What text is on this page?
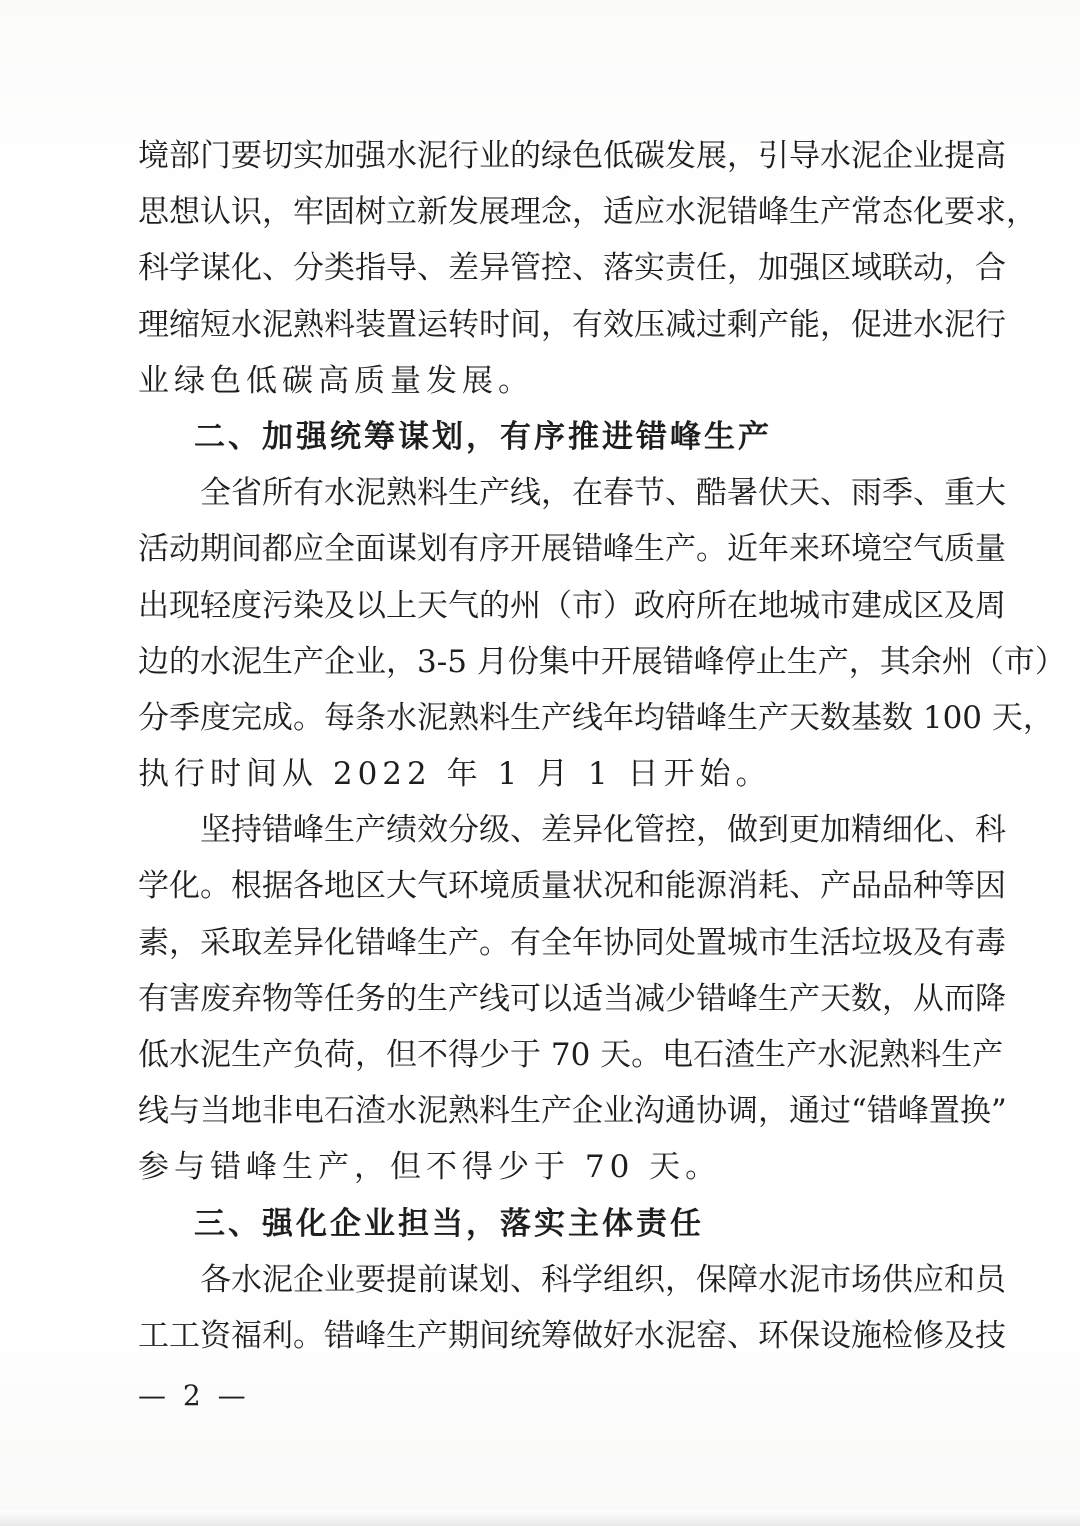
境部门要切实加强水泥行业的绿色低碳发展，引导水泥企业提高
思想认识，牢固树立新发展理念，适应水泥错峰生产常态化要求，
科学谋化、分类指导、差异管控、落实责任，加强区域联动，合
理缩短水泥熟料装置运转时间，有效压减过剩产能，促进水泥行
业绿色低碳高质量发展。
二、加强统筹谋划，有序推进错峰生产
全省所有水泥熟料生产线，在春节、酷暑伏天、雨季、重大
活动期间都应全面谋划有序开展错峰生产。近年来环境空气质量
出现轻度污染及以上天气的州（市）政府所在地城市建成区及周
边的水泥生产企业，3-5 月份集中开展错峰停止生产，其余州（市）
分季度完成。每条水泥熟料生产线年均错峰生产天数基数 100 天，
执行时间从 2022 年 1 月 1 日开始。
坚持错峰生产绩效分级、差异化管控，做到更加精细化、科
学化。根据各地区大气环境质量状况和能源消耗、产品品种等因
素，采取差异化错峰生产。有全年协同处置城市生活垃圾及有毒
有害废弃物等任务的生产线可以适当减少错峰生产天数，从而降
低水泥生产负荷，但不得少于 70 天。电石渣生产水泥熟料生产
线与当地非电石渣水泥熟料生产企业沟通协调，通过“错峰置换”
参与错峰生产，但不得少于 70 天。
三、强化企业担当，落实主体责任
各水泥企业要提前谋划、科学组织，保障水泥市场供应和员
工工资福利。错峰生产期间统筹做好水泥窑、环保设施检修及技
— 2 —
